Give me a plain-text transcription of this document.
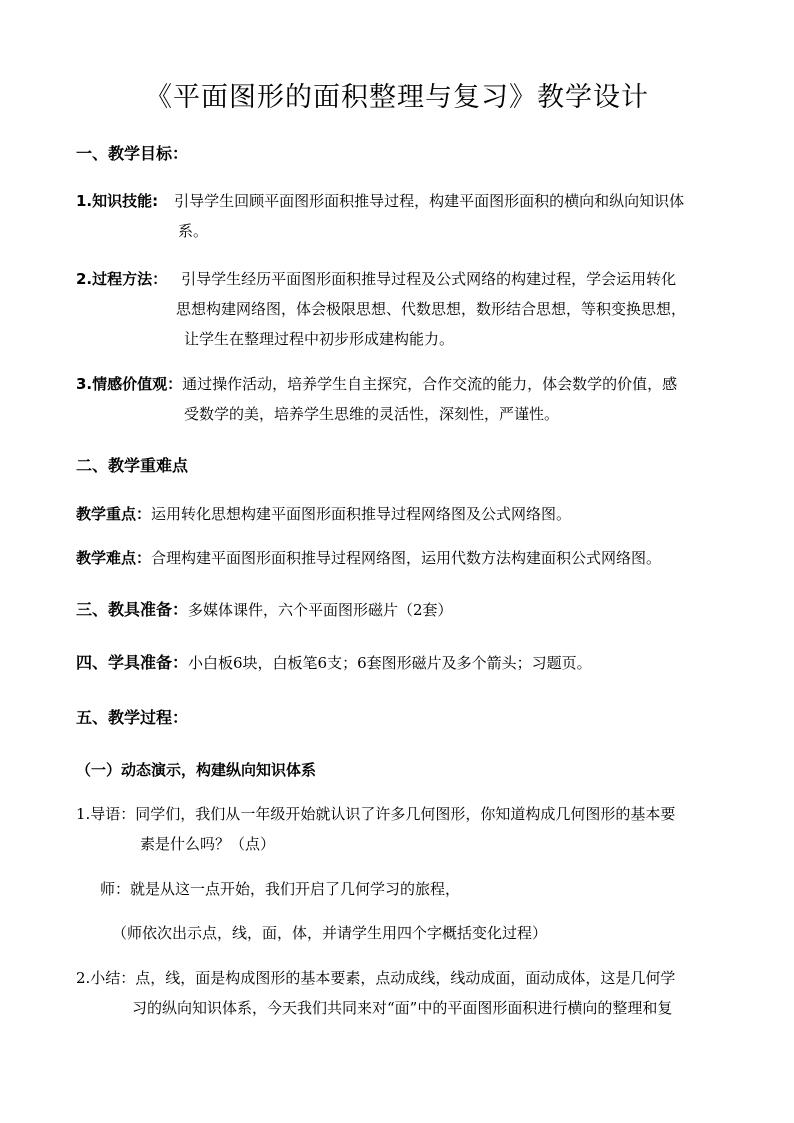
《平面图形的面积整理与复习》教学设计
一、教学目标：
1.知识技能: 引导学生回顾平面图形面积推导过程，构建平面图形面积的横向和纵向知识体
系。
2.过程方法： 引导学生经历平面图形面积推导过程及公式网络的构建过程，学会运用转化
思想构建网络图，体会极限思想、代数思想，数形结合思想，等积变换思想，
让学生在整理过程中初步形成建构能力。
3.情感价值观：通过操作活动，培养学生自主探究，合作交流的能力，体会数学的价值，感
受数学的美，培养学生思维的灵活性，深刻性，严谨性。
二、教学重难点
教学重点：运用转化思想构建平面图形面积推导过程网络图及公式网络图。
教学难点：合理构建平面图形面积推导过程网络图，运用代数方法构建面积公式网络图。
三、教具准备：多媒体课件，六个平面图形磁片（2套）
四、学具准备：小白板6块，白板笔6支；6套图形磁片及多个箭头；习题页。
五、教学过程：
（一）动态演示，构建纵向知识体系
1.导语：同学们，我们从一年级开始就认识了许多几何图形，你知道构成几何图形的基本要
素是什么吗？（点）
师：就是从这一点开始，我们开启了几何学习的旅程，
（师依次出示点，线，面，体，并请学生用四个字概括变化过程）
2.小结：点，线，面是构成图形的基本要素，点动成线，线动成面，面动成体，这是几何学
习的纵向知识体系，今天我们共同来对“面”中的平面图形面积进行横向的整理和复
